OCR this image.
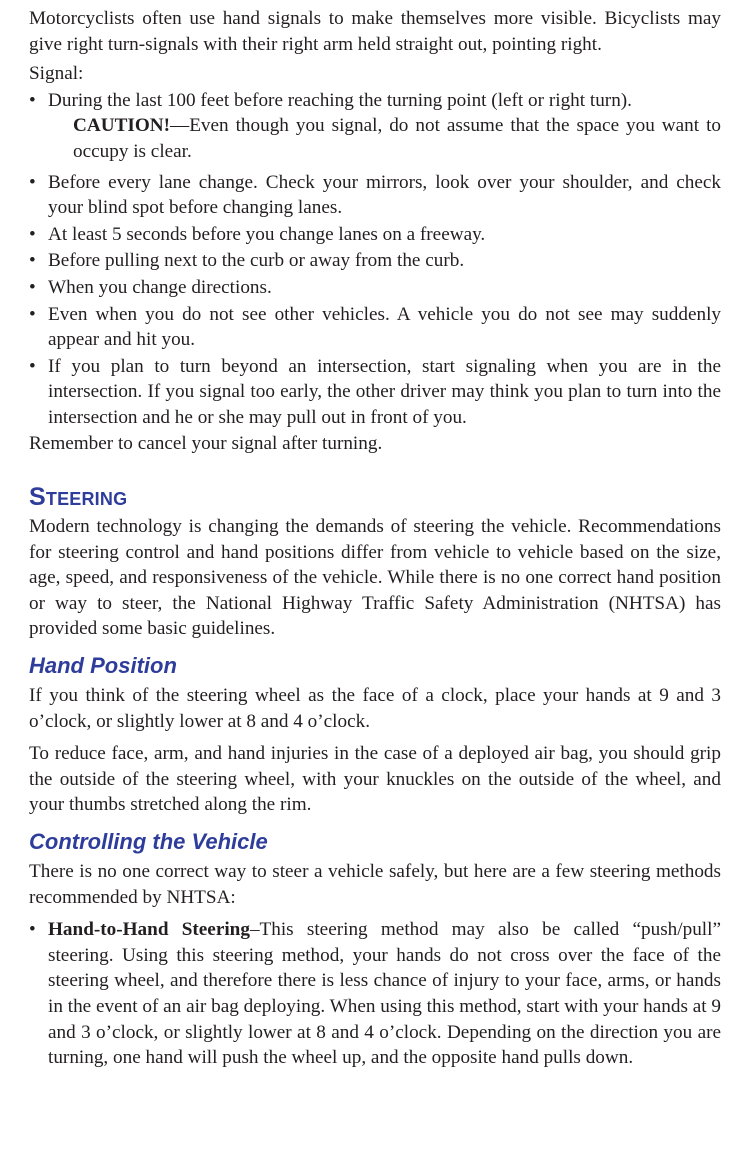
Motorcyclists often use hand signals to make themselves more visible. Bicyclists may give right turn-signals with their right arm held straight out, pointing right.

Signal:

• During the last 100 feet before reaching the turning point (left or right turn).
CAUTION!—Even though you signal, do not assume that the space you want to occupy is clear.
• Before every lane change. Check your mirrors, look over your shoulder, and check your blind spot before changing lanes.
• At least 5 seconds before you change lanes on a freeway.
• Before pulling next to the curb or away from the curb.
• When you change directions.
• Even when you do not see other vehicles. A vehicle you do not see may suddenly appear and hit you.
• If you plan to turn beyond an intersection, start signaling when you are in the intersection. If you signal too early, the other driver may think you plan to turn into the intersection and he or she may pull out in front of you.

Remember to cancel your signal after turning.

Steering

Modern technology is changing the demands of steering the vehicle. Recommendations for steering control and hand positions differ from vehicle to vehicle based on the size, age, speed, and responsiveness of the vehicle. While there is no one correct hand position or way to steer, the National Highway Traffic Safety Administration (NHTSA) has provided some basic guidelines.

Hand Position

If you think of the steering wheel as the face of a clock, place your hands at 9 and 3 o’clock, or slightly lower at 8 and 4 o’clock.

To reduce face, arm, and hand injuries in the case of a deployed air bag, you should grip the outside of the steering wheel, with your knuckles on the outside of the wheel, and your thumbs stretched along the rim.

Controlling the Vehicle

There is no one correct way to steer a vehicle safely, but here are a few steering methods recommended by NHTSA:

• Hand-to-Hand Steering–This steering method may also be called “push/pull” steering. Using this steering method, your hands do not cross over the face of the steering wheel, and therefore there is less chance of injury to your face, arms, or hands in the event of an air bag deploying. When using this method, start with your hands at 9 and 3 o’clock, or slightly lower at 8 and 4 o’clock. Depending on the direction you are turning, one hand will push the wheel up, and the opposite hand pulls down.
